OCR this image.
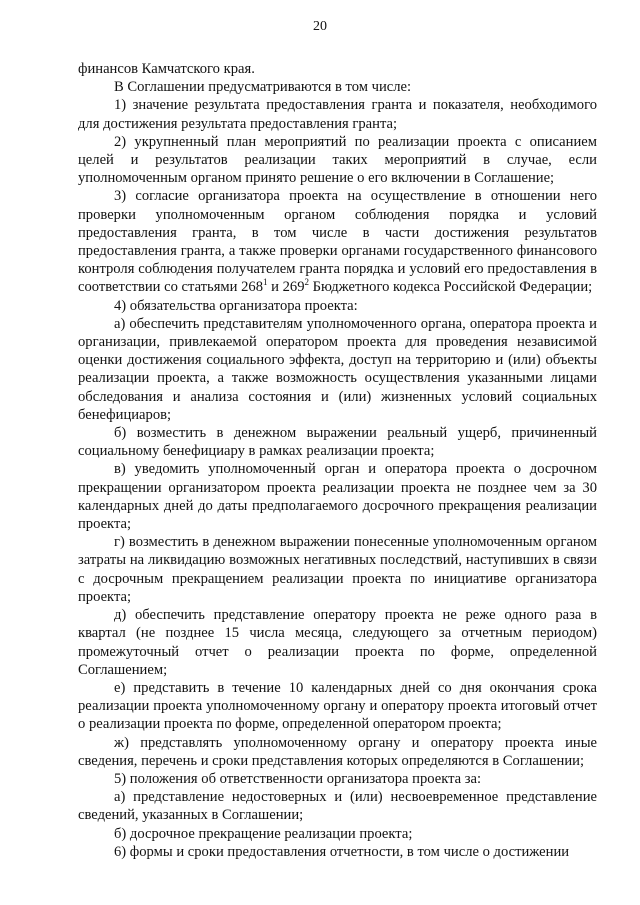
20

финансов Камчатского края.

В Соглашении предусматриваются в том числе:

1) значение результата предоставления гранта и показателя, необходимого для достижения результата предоставления гранта;

2) укрупненный план мероприятий по реализации проекта с описанием целей и результатов реализации таких мероприятий в случае, если уполномоченным органом принято решение о его включении в Соглашение;

3) согласие организатора проекта на осуществление в отношении него проверки уполномоченным органом соблюдения порядка и условий предоставления гранта, в том числе в части достижения результатов предоставления гранта, а также проверки органами государственного финансового контроля соблюдения получателем гранта порядка и условий его предоставления в соответствии со статьями $268^1$ и $269^2$ Бюджетного кодекса Российской Федерации;

4) обязательства организатора проекта:

а) обеспечить представителям уполномоченного органа, оператора проекта и организации, привлекаемой оператором проекта для проведения независимой оценки достижения социального эффекта, доступ на территорию и (или) объекты реализации проекта, а также возможность осуществления указанными лицами обследования и анализа состояния и (или) жизненных условий социальных бенефициаров;

б) возместить в денежном выражении реальный ущерб, причиненный социальному бенефициару в рамках реализации проекта;

в) уведомить уполномоченный орган и оператора проекта о досрочном прекращении организатором проекта реализации проекта не позднее чем за 30 календарных дней до даты предполагаемого досрочного прекращения реализации проекта;

г) возместить в денежном выражении понесенные уполномоченным органом затраты на ликвидацию возможных негативных последствий, наступивших в связи с досрочным прекращением реализации проекта по инициативе организатора проекта;

д) обеспечить представление оператору проекта не реже одного раза в квартал (не позднее 15 числа месяца, следующего за отчетным периодом) промежуточный отчет о реализации проекта по форме, определенной Соглашением;

е) представить в течение 10 календарных дней со дня окончания срока реализации проекта уполномоченному органу и оператору проекта итоговый отчет о реализации проекта по форме, определенной оператором проекта;

ж) представлять уполномоченному органу и оператору проекта иные сведения, перечень и сроки представления которых определяются в Соглашении;

5) положения об ответственности организатора проекта за:

а) представление недостоверных и (или) несвоевременное представление сведений, указанных в Соглашении;

б) досрочное прекращение реализации проекта;

6) формы и сроки предоставления отчетности, в том числе о достижении
